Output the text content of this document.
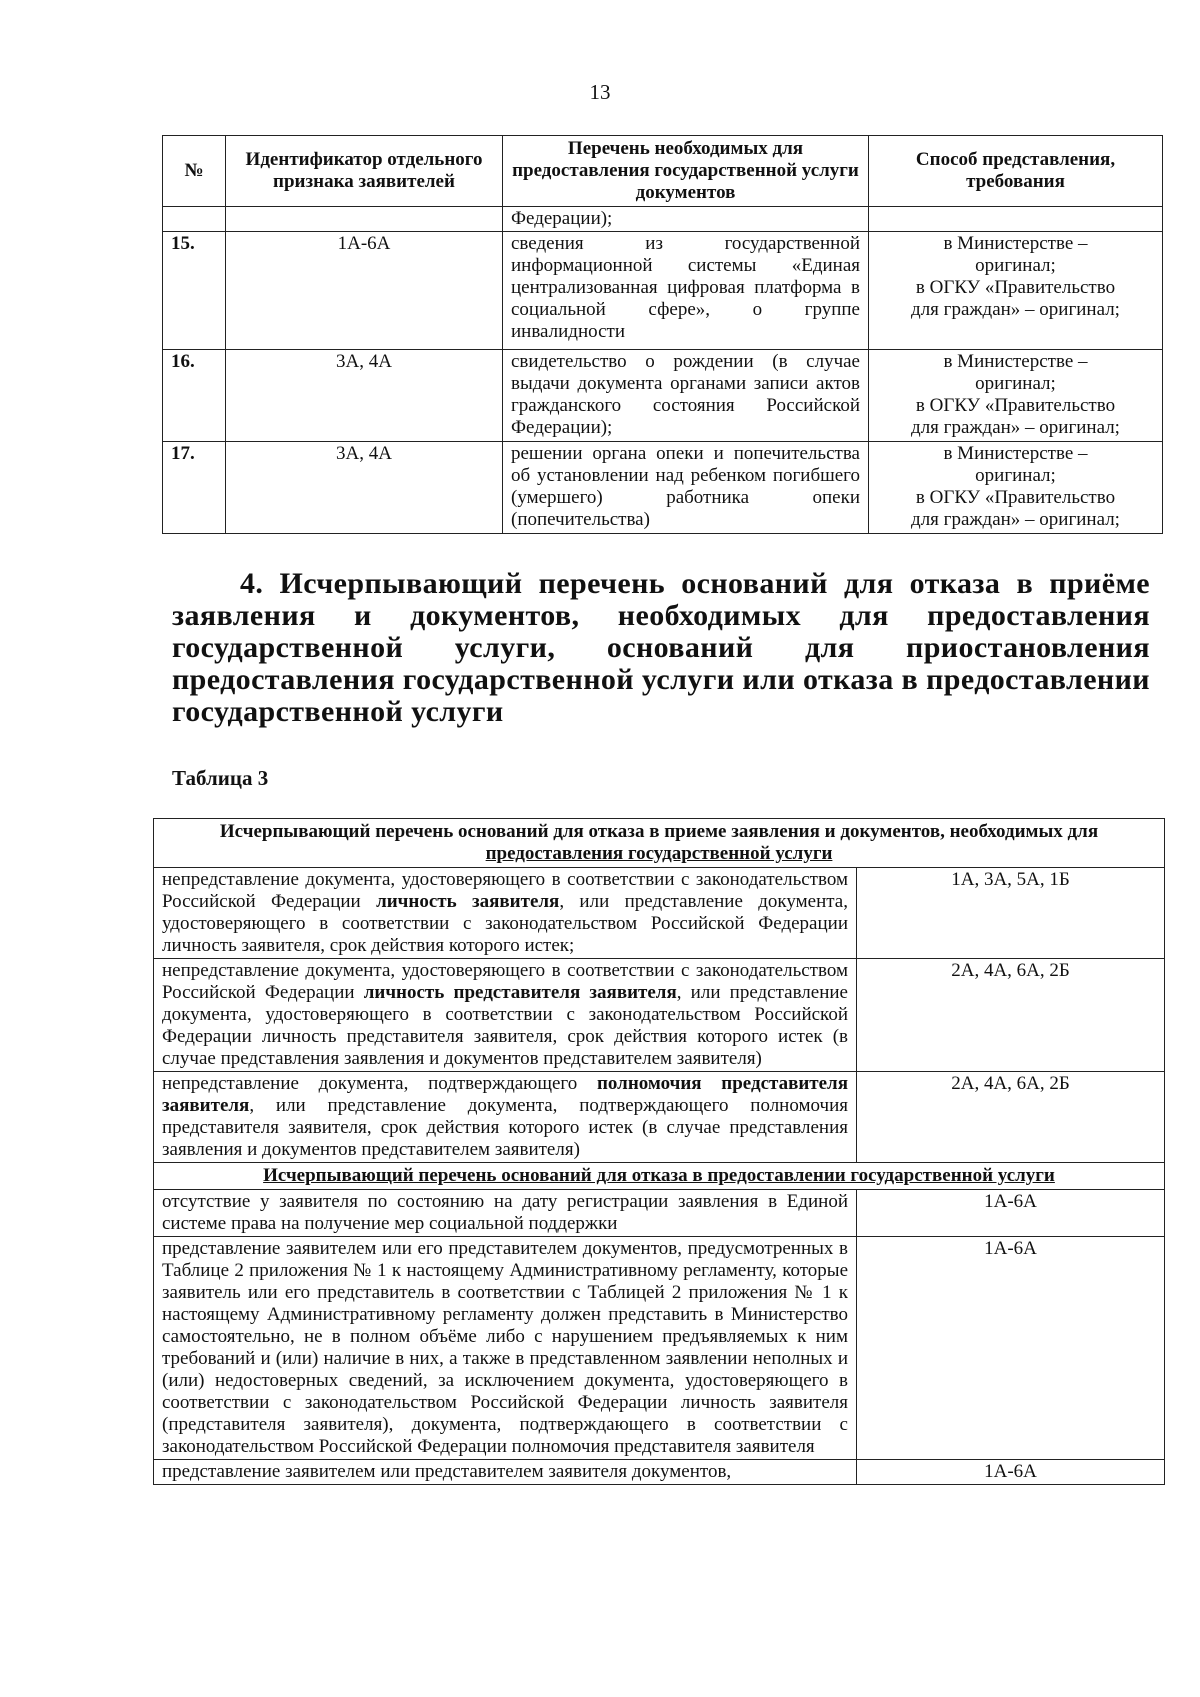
13
№	Идентификатор отдельного признака заявителей	Перечень необходимых для предоставления государственной услуги документов	Способ представления, требования
		Федерации);	
15.	1А-6А	сведения из государственной информационной системы «Единая централизованная цифровая платформа в социальной сфере», о группе инвалидности	в Министерстве –
оригинал;
в ОГКУ «Правительство
для граждан» – оригинал;

16.	3А, 4А	свидетельство о рождении (в случае выдачи документа органами записи актов гражданского состояния Российской Федерации);	в Министерстве –
оригинал;
в ОГКУ «Правительство
для граждан» – оригинал;

17.	3А, 4А	решении органа опеки и попечительства об установлении над ребенком погибшего (умершего) работника опеки (попечительства)	в Министерстве –
оригинал;
в ОГКУ «Правительство
для граждан» – оригинал;
4. Исчерпывающий перечень оснований для отказа в приёме заявления и документов, необходимых для предоставления государственной услуги, оснований для приостановления предоставления государственной услуги или отказа в предоставлении государственной услуги
Таблица 3
Исчерпывающий перечень оснований для отказа в приеме заявления и документов, необходимых для
предоставления государственной услуги	

непредставление документа, удостоверяющего в соответствии с законодательством Российской Федерации личность заявителя, или представление документа, удостоверяющего в соответствии с законодательством Российской Федерации личность заявителя, срок действия которого истек;	1А, 3А, 5А, 1Б
непредставление документа, удостоверяющего в соответствии с законодательством Российской Федерации личность представителя заявителя, или представление документа, удостоверяющего в соответствии с законодательством Российской Федерации личность представителя заявителя, срок действия которого истек (в случае представления заявления и документов представителем заявителя)	2А, 4А, 6А, 2Б
непредставление документа, подтверждающего полномочия представителя заявителя, или представление документа, подтверждающего полномочия представителя заявителя, срок действия которого истек (в случае представления заявления и документов представителем заявителя)	2А, 4А, 6А, 2Б

Исчерпывающий перечень оснований для отказа в предоставлении государственной услуги	

отсутствие у заявителя по состоянию на дату регистрации заявления в Единой системе права на получение мер социальной поддержки	1А-6А
представление заявителем или его представителем документов, предусмотренных в Таблице 2 приложения № 1 к настоящему Административному регламенту, которые заявитель или его представитель в соответствии с Таблицей 2 приложения № 1 к настоящему Административному регламенту должен представить в Министерство самостоятельно, не в полном объёме либо с нарушением предъявляемых к ним требований и (или) наличие в них, а также в представленном заявлении неполных и (или) недостоверных сведений, за исключением документа, удостоверяющего в соответствии с законодательством Российской Федерации личность заявителя (представителя заявителя), документа, подтверждающего в соответствии с законодательством Российской Федерации полномочия представителя заявителя	1А-6А
представление заявителем или представителем заявителя документов,	1А-6А
